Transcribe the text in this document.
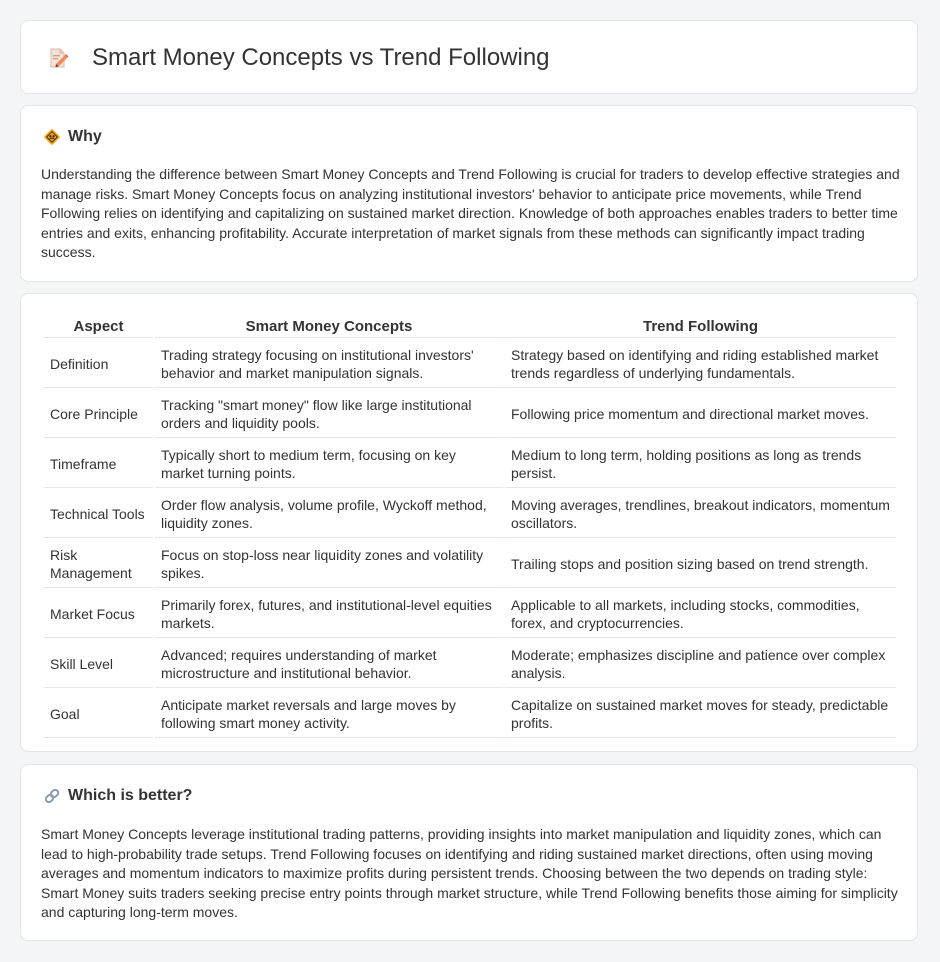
Smart Money Concepts vs Trend Following
Why
Understanding the difference between Smart Money Concepts and Trend Following is crucial for traders to develop effective strategies and manage risks. Smart Money Concepts focus on analyzing institutional investors' behavior to anticipate price movements, while Trend Following relies on identifying and capitalizing on sustained market direction. Knowledge of both approaches enables traders to better time entries and exits, enhancing profitability. Accurate interpretation of market signals from these methods can significantly impact trading success.
Aspect	Smart Money Concepts	Trend Following
Definition	Trading strategy focusing on institutional investors' behavior and market manipulation signals.	Strategy based on identifying and riding established market trends regardless of underlying fundamentals.
Core Principle	Tracking "smart money" flow like large institutional orders and liquidity pools.	Following price momentum and directional market moves.
Timeframe	Typically short to medium term, focusing on key market turning points.	Medium to long term, holding positions as long as trends persist.
Technical Tools	Order flow analysis, volume profile, Wyckoff method, liquidity zones.	Moving averages, trendlines, breakout indicators, momentum oscillators.
Risk Management	Focus on stop-loss near liquidity zones and volatility spikes.	Trailing stops and position sizing based on trend strength.
Market Focus	Primarily forex, futures, and institutional-level equities markets.	Applicable to all markets, including stocks, commodities, forex, and cryptocurrencies.
Skill Level	Advanced; requires understanding of market microstructure and institutional behavior.	Moderate; emphasizes discipline and patience over complex analysis.
Goal	Anticipate market reversals and large moves by following smart money activity.	Capitalize on sustained market moves for steady, predictable profits.
Which is better?
Smart Money Concepts leverage institutional trading patterns, providing insights into market manipulation and liquidity zones, which can lead to high-probability trade setups. Trend Following focuses on identifying and riding sustained market directions, often using moving averages and momentum indicators to maximize profits during persistent trends. Choosing between the two depends on trading style: Smart Money suits traders seeking precise entry points through market structure, while Trend Following benefits those aiming for simplicity and capturing long-term moves.
